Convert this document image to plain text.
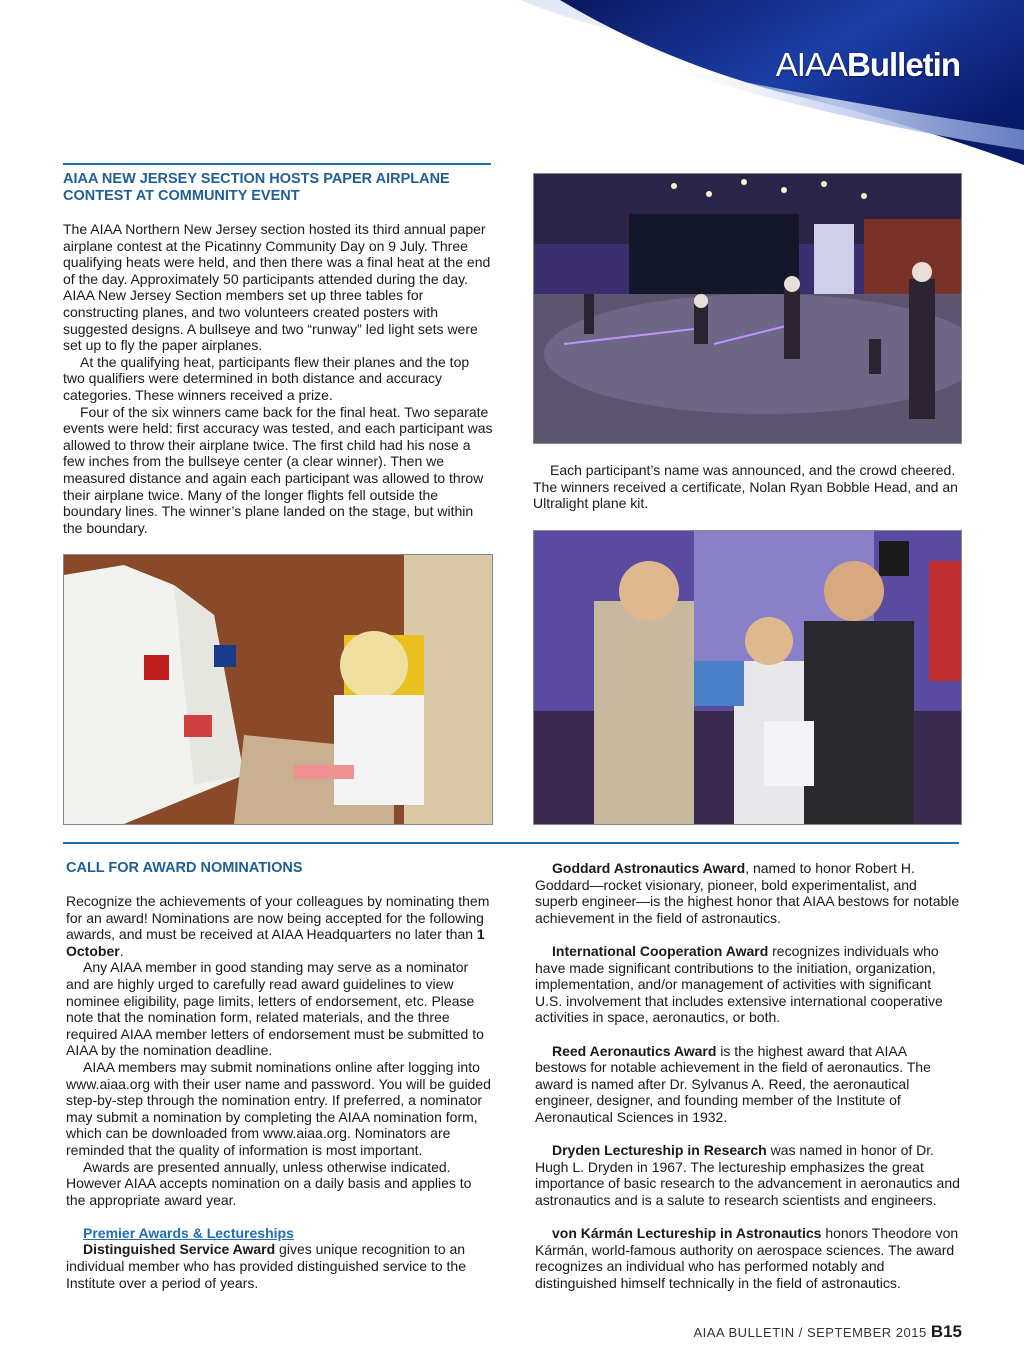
AIAABulletin
AIAA NEW JERSEY SECTION HOSTS PAPER AIRPLANE
CONTEST AT COMMUNITY EVENT

The AIAA Northern New Jersey section hosted its third annual paper airplane contest at the Picatinny Community Day on 9 July. Three qualifying heats were held, and then there was a final heat at the end of the day. Approximately 50 participants attended during the day. AIAA New Jersey Section members set up three tables for constructing planes, and two volunteers created posters with suggested designs. A bullseye and two “runway” led light sets were set up to fly the paper airplanes.

At the qualifying heat, participants flew their planes and the top two qualifiers were determined in both distance and accuracy categories. These winners received a prize.

Four of the six winners came back for the final heat. Two separate events were held: first accuracy was tested, and each participant was allowed to throw their airplane twice. The first child had his nose a few inches from the bullseye center (a clear winner). Then we measured distance and again each participant was allowed to throw their airplane twice. Many of the longer flights fell outside the boundary lines. The winner’s plane landed on the stage, but within the boundary.

Each participant’s name was announced, and the crowd cheered. The winners received a certificate, Nolan Ryan Bobble Head, and an Ultralight plane kit.

CALL FOR AWARD NOMINATIONS

Recognize the achievements of your colleagues by nominating them for an award! Nominations are now being accepted for the following awards, and must be received at AIAA Headquarters no later than 1 October.

Any AIAA member in good standing may serve as a nominator and are highly urged to carefully read award guidelines to view nominee eligibility, page limits, letters of endorsement, etc. Please note that the nomination form, related materials, and the three required AIAA member letters of endorsement must be submitted to AIAA by the nomination deadline.

AIAA members may submit nominations online after logging into www.aiaa.org with their user name and password. You will be guided step-by-step through the nomination entry. If preferred, a nominator may submit a nomination by completing the AIAA nomination form, which can be downloaded from www.aiaa.org. Nominators are reminded that the quality of information is most important.

Awards are presented annually, unless otherwise indicated. However AIAA accepts nomination on a daily basis and applies to the appropriate award year.

Premier Awards & Lectureships

Distinguished Service Award gives unique recognition to an individual member who has provided distinguished service to the Institute over a period of years.

Goddard Astronautics Award, named to honor Robert H. Goddard—rocket visionary, pioneer, bold experimentalist, and superb engineer—is the highest honor that AIAA bestows for notable achievement in the field of astronautics.

International Cooperation Award recognizes individuals who have made significant contributions to the initiation, organization, implementation, and/or management of activities with significant U.S. involvement that includes extensive international cooperative activities in space, aeronautics, or both.

Reed Aeronautics Award is the highest award that AIAA bestows for notable achievement in the field of aeronautics. The award is named after Dr. Sylvanus A. Reed, the aeronautical engineer, designer, and founding member of the Institute of Aeronautical Sciences in 1932.

Dryden Lectureship in Research was named in honor of Dr. Hugh L. Dryden in 1967. The lectureship emphasizes the great importance of basic research to the advancement in aeronautics and astronautics and is a salute to research scientists and engineers.

von Kármán Lectureship in Astronautics honors Theodore von Kármán, world-famous authority on aerospace sciences. The award recognizes an individual who has performed notably and distinguished himself technically in the field of astronautics.

AIAA BULLETIN / SEPTEMBER 2015 B15
